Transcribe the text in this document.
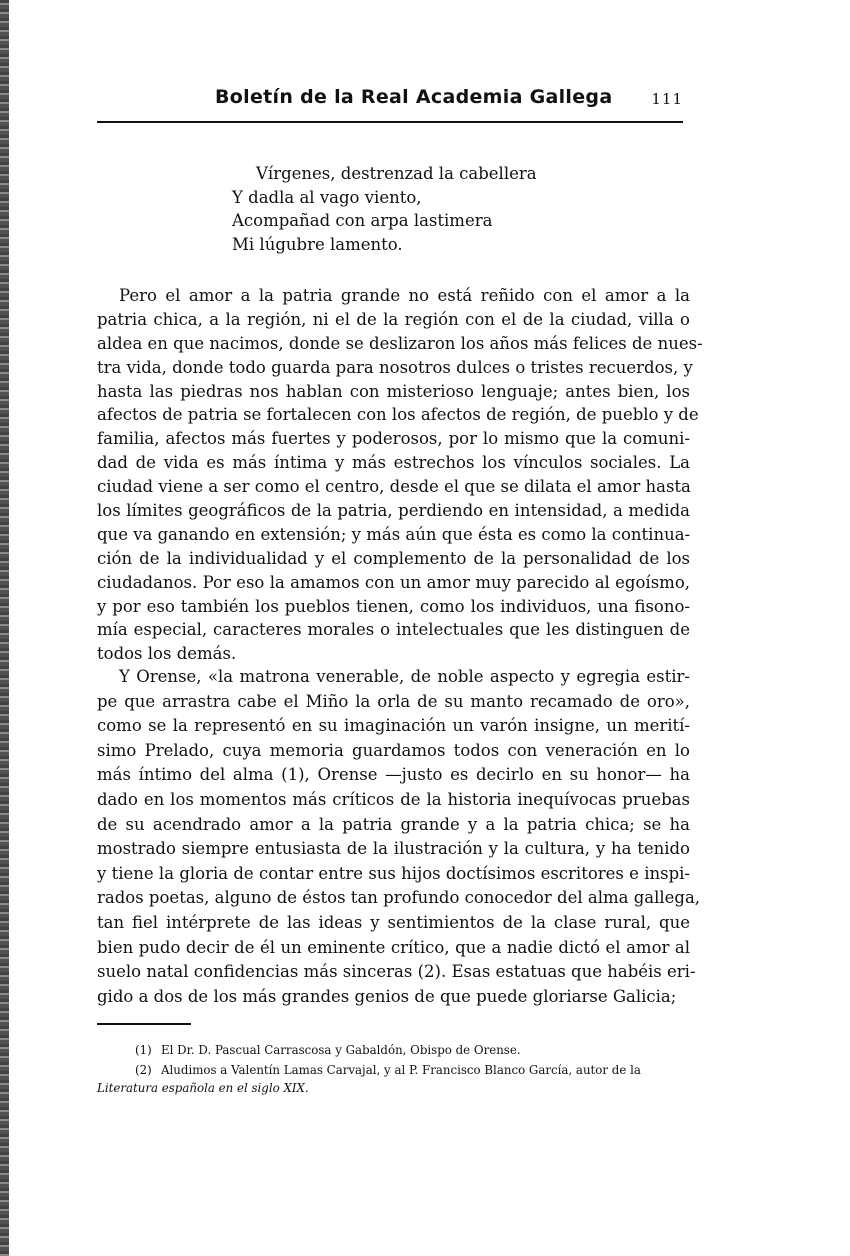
Boletín de la Real Academia Gallega	111
Vírgenes, destrenzad la cabellera
Y dadla al vago viento,
Acompañad con arpa lastimera
Mi lúgubre lamento.
Pero el amor a la patria grande no está reñido con el amor a la
patria chica, a la región, ni el de la región con el de la ciudad, villa o
aldea en que nacimos, donde se deslizaron los años más felices de nues-
tra vida, donde todo guarda para nosotros dulces o tristes recuerdos, y
hasta las piedras nos hablan con misterioso lenguaje; antes bien, los
afectos de patria se fortalecen con los afectos de región, de pueblo y de
familia, afectos más fuertes y poderosos, por lo mismo que la comuni-
dad de vida es más íntima y más estrechos los vínculos sociales. La
ciudad viene a ser como el centro, desde el que se dilata el amor hasta
los límites geográficos de la patria, perdiendo en intensidad, a medida
que va ganando en extensión; y más aún que ésta es como la continua-
ción de la individualidad y el complemento de la personalidad de los
ciudadanos. Por eso la amamos con un amor muy parecido al egoísmo,
y por eso también los pueblos tienen, como los individuos, una fisono-
mía especial, caracteres morales o intelectuales que les distinguen de
todos los demás.
Y Orense, «la matrona venerable, de noble aspecto y egregia estir-
pe que arrastra cabe el Miño la orla de su manto recamado de oro»,
como se la representó en su imaginación un varón insigne, un merití-
simo Prelado, cuya memoria guardamos todos con veneración en lo
más íntimo del alma (1), Orense —justo es decirlo en su honor— ha
dado en los momentos más críticos de la historia inequívocas pruebas
de su acendrado amor a la patria grande y a la patria chica; se ha
mostrado siempre entusiasta de la ilustración y la cultura, y ha tenido
y tiene la gloria de contar entre sus hijos doctísimos escritores e inspi-
rados poetas, alguno de éstos tan profundo conocedor del alma gallega,
tan fiel intérprete de las ideas y sentimientos de la clase rural, que
bien pudo decir de él un eminente crítico, que a nadie dictó el amor al
suelo natal confidencias más sinceras (2). Esas estatuas que habéis eri-
gido a dos de los más grandes genios de que puede gloriarse Galicia;
(1) El Dr. D. Pascual Carrascosa y Gabaldón, Obispo de Orense.
(2) Aludimos a Valentín Lamas Carvajal, y al P. Francisco Blanco García, autor de la
Literatura española en el siglo XIX.
